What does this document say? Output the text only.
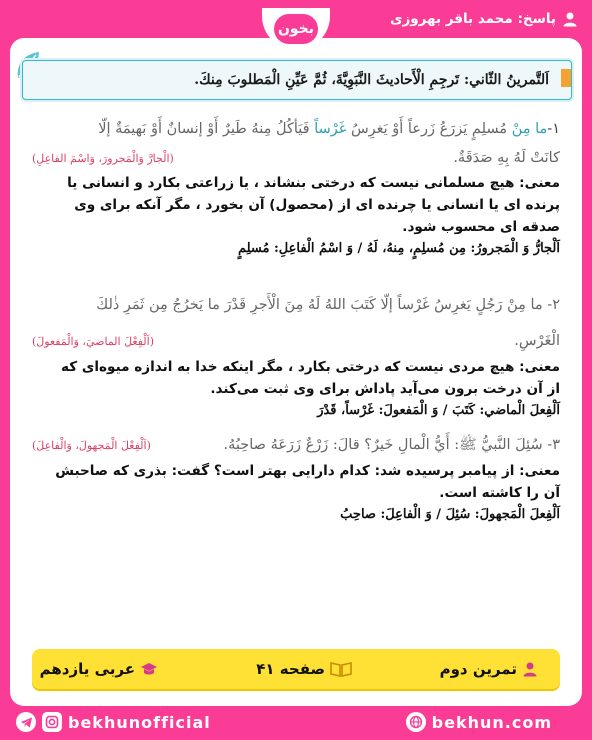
پاسخ: محمد باقر بهروزی
اَلتَّمرینُ الثّاني: تَرجِمِ الْأَحاديثَ النَّبَوِيَّةَ، ثُمَّ عَيِّنِ الْمَطلوبَ مِنكَ.
١-ما مِنْ مُسلِمٍ يَزرَعُ زَرعاً أَوْ يَغرِسُ غَرْساً فَيَأكُلُ مِنهُ طَيرٌ أَوْ إنسانٌ أَوْ بَهيمَةٌ إلّا
كانَتْ لَهُ بِهِ صَدَقَةٌ.
(الْجارَّ وَالْمَجرورَ، وَاسْمَ الفاعِلِ)
معنی: هیچ مسلمانی نیست که درختی بنشاند ، یا زراعتی بکارد و انسانی یا
پرنده ای یا انسانی یا چرنده ای از (محصول) آن بخورد ، مگر آنکه برای وی
صدقه ای محسوب شود.
اَلْجارُّ وَ الْمَجرورُ: مِن مُسلِمٍ، مِنهُ، لَهُ / وَ اسْمُ الْفاعِلِ: مُسلِمٍ
٢- ما مِنْ رَجُلٍ يَغرِسُ غَرْساً إلّا كَتَبَ اللهُ لَهُ مِنَ الْأَجرِ قَدْرَ ما يَخرُجُ مِن ثَمَرِ ذٰلكَ
الْغَرْسِ.
(اَلْفِعْلَ الماضيَ، وَالْمَفعولَ)
معنی: هیچ مردی نیست که درختی بکارد ، مگر اینکه خدا به اندازه میوه‌ای که
از آن درخت برون می‌آید پاداش برای وی ثبت می‌کند.
اَلْفِعلَ الْماضي: كَتَبَ / وَ الْمَفعولَ: غَرْساً، قَدْرَ
٣- سُئِلَ النَّبيُّ ﷺ: أَيُّ الْمالِ خَيرٌ؟ قالَ: زَرْعٌ زَرَعَهُ صاحِبُهُ.
(اَلْفِعْلَ الْمَجهولَ، وَالْفاعِلَ)
معنی: از پیامبر پرسیده شد: کدام دارایی بهتر است؟ گفت: بذری که صاحبش
آن را کاشته است.
اَلْفِعلَ الْمَجهولَ: سُئِلَ / وَ الْفاعِلَ: صاحِبُ
تمرین دوم
صفحه ۴۱
عربی یازدهم
بخون
bekhunofficial	bekhun.com
